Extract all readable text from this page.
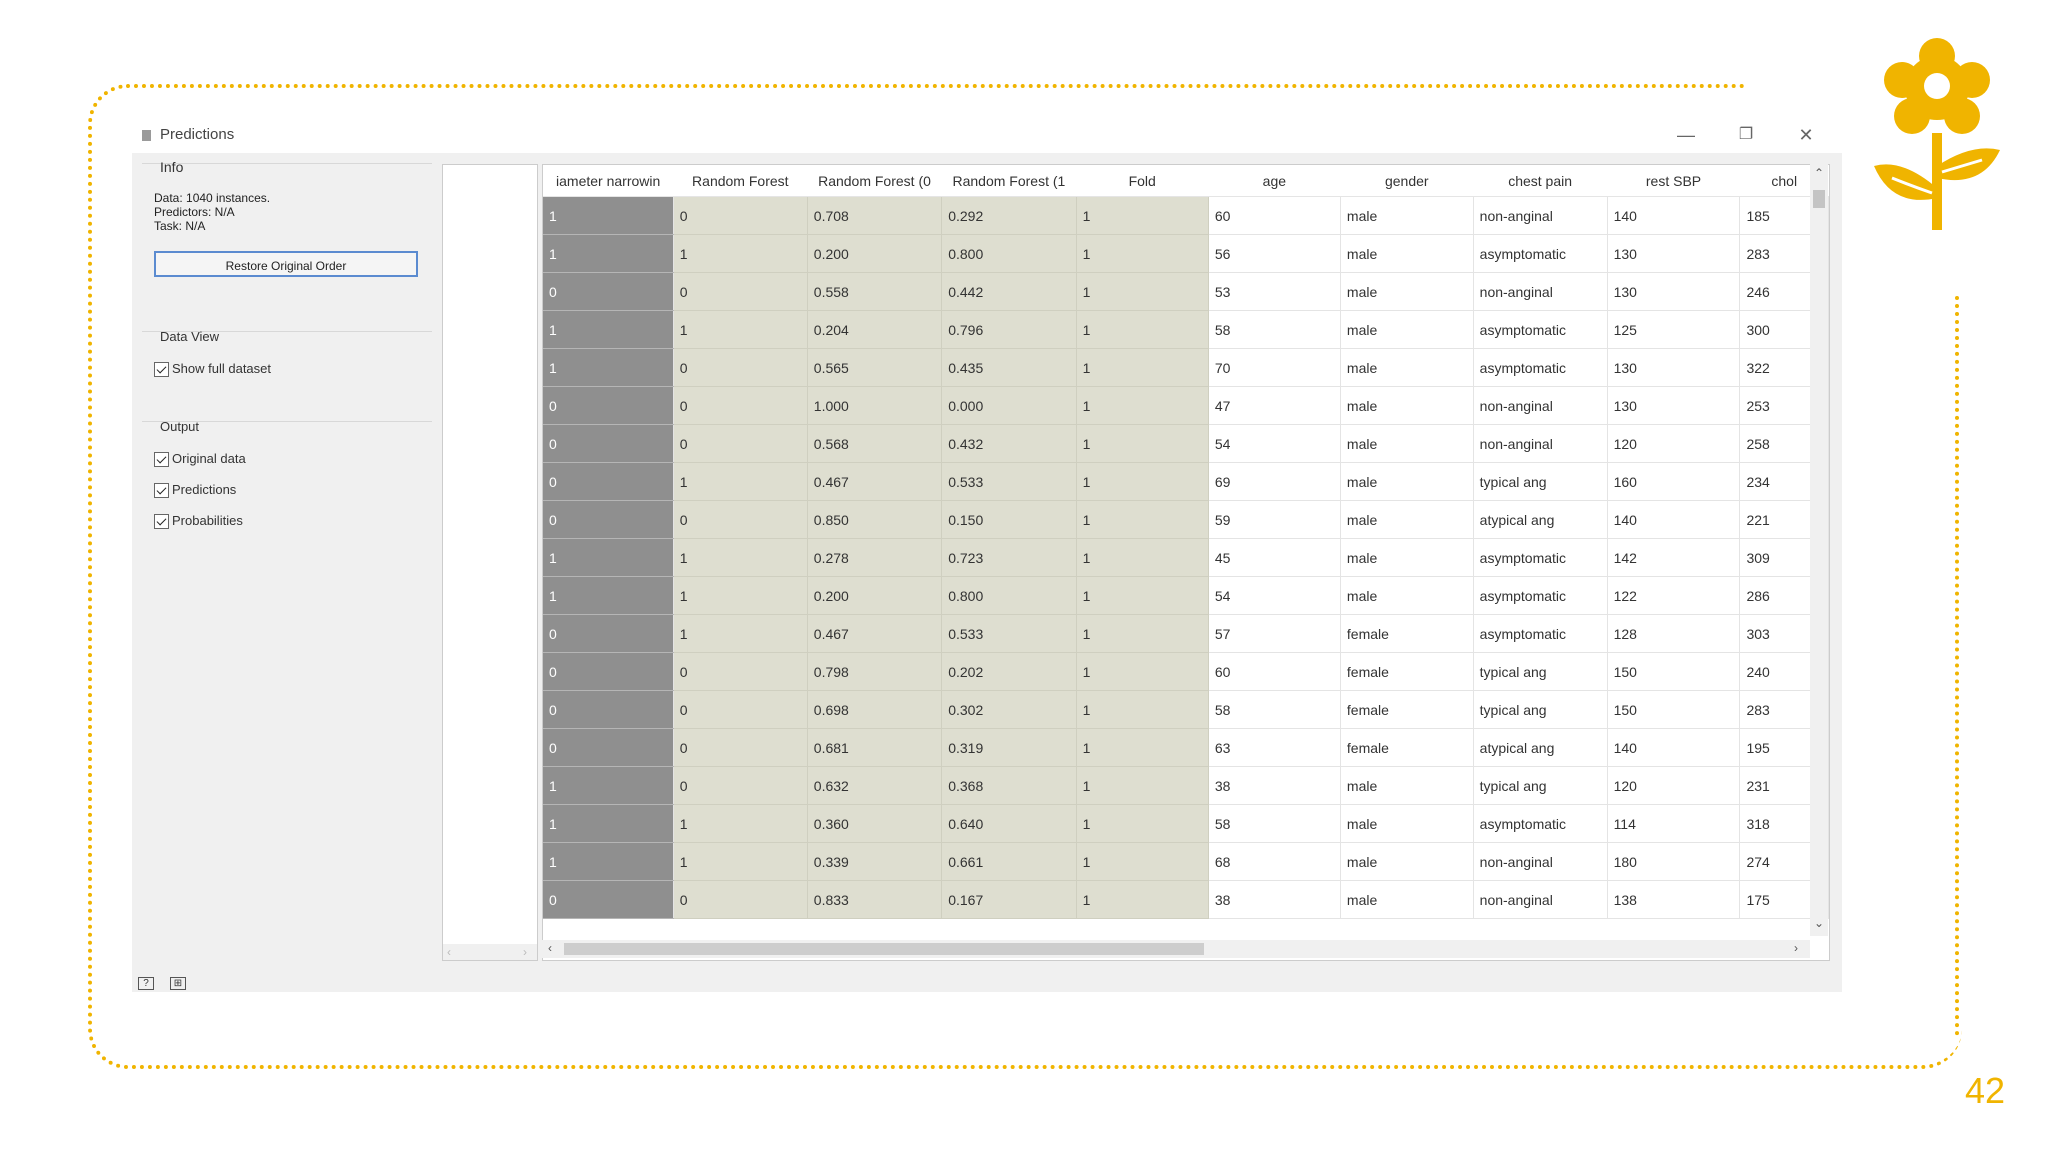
42
Predictions	—	❐	✕
Info
Data: 1040 instances.
Predictors: N/A
Task: N/A
Restore Original Order
Data View
Show full dataset
Output
Original data
Predictions
Probabilities
?	⊞
‹	›
iameter narrowin	Random Forest	Random Forest (0	Random Forest (1	Fold	age	gender	chest pain	rest SBP	chol
1	0	0.708	0.292	1	60	male	non-anginal	140	185
1	1	0.200	0.800	1	56	male	asymptomatic	130	283
0	0	0.558	0.442	1	53	male	non-anginal	130	246
1	1	0.204	0.796	1	58	male	asymptomatic	125	300
1	0	0.565	0.435	1	70	male	asymptomatic	130	322
0	0	1.000	0.000	1	47	male	non-anginal	130	253
0	0	0.568	0.432	1	54	male	non-anginal	120	258
0	1	0.467	0.533	1	69	male	typical ang	160	234
0	0	0.850	0.150	1	59	male	atypical ang	140	221
1	1	0.278	0.723	1	45	male	asymptomatic	142	309
1	1	0.200	0.800	1	54	male	asymptomatic	122	286
0	1	0.467	0.533	1	57	female	asymptomatic	128	303
0	0	0.798	0.202	1	60	female	typical ang	150	240
0	0	0.698	0.302	1	58	female	typical ang	150	283
0	0	0.681	0.319	1	63	female	atypical ang	140	195
1	0	0.632	0.368	1	38	male	typical ang	120	231
1	1	0.360	0.640	1	58	male	asymptomatic	114	318
1	1	0.339	0.661	1	68	male	non-anginal	180	274
0	0	0.833	0.167	1	38	male	non-anginal	138	175
⌃
⌄
‹	›
